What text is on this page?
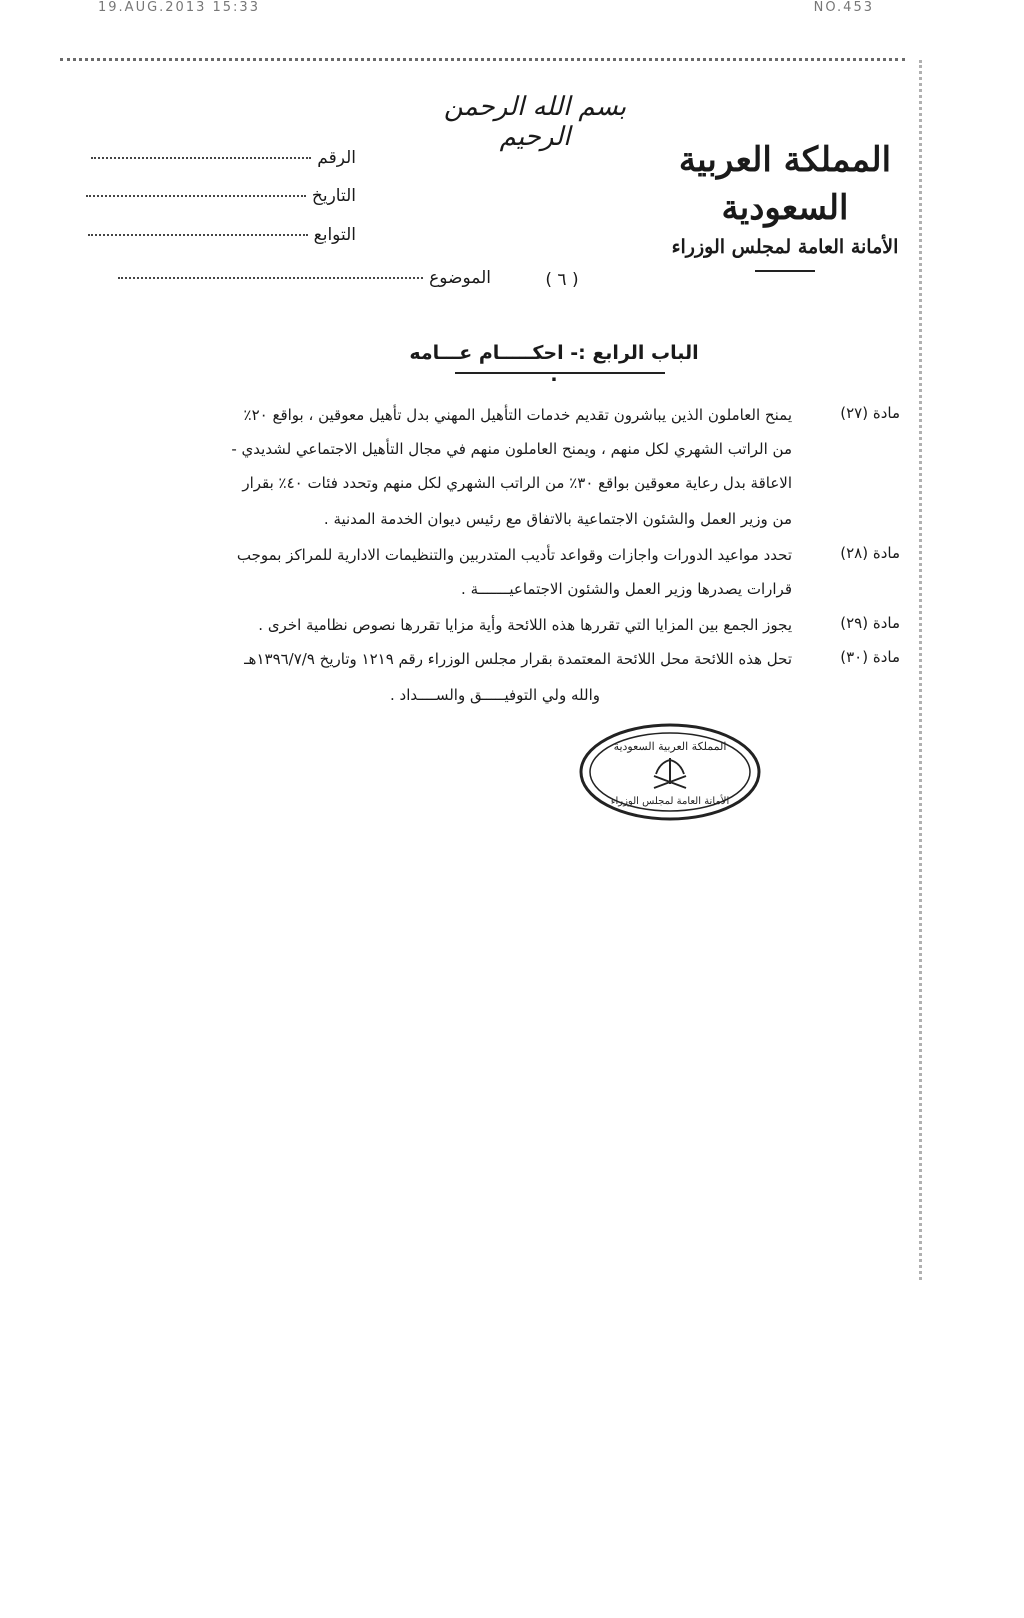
19.AUG.2013 15:33	NO.453
بسم الله الرحمن الرحيم
المملكة العربية السعودية
الأمانة العامة لمجلس الوزراء
الرقم
التاريخ
التوابع
الموضوع	( ٦ )
الباب الرابع :- احكـــــام عـــامه .
مادة (٢٧)
يمنح العاملون الذين يباشرون تقديم خدمات التأهيل المهني بدل تأهيل معوقين ، بواقع ٢٠٪
من الراتب الشهري لكل منهم ، ويمنح العاملون منهم في مجال التأهيل الاجتماعي لشديدي -
الاعاقة بدل رعاية معوقين بواقع ٣٠٪ من الراتب الشهري لكل منهم وتحدد فئات ٤٠٪ بقرار
من وزير العمل والشئون الاجتماعية بالاتفاق مع رئيس ديوان الخدمة المدنية .
مادة (٢٨)
تحدد مواعيد الدورات واجازات وقواعد تأديب المتدربين والتنظيمات الادارية للمراكز بموجب
قرارات يصدرها وزير العمل والشئون الاجتماعيـــــــة .
مادة (٢٩)
يجوز الجمع بين المزايا التي تقررها هذه اللائحة وأية مزايا تقررها نصوص نظامية اخرى .
مادة (٣٠)
تحل هذه اللائحة محل اللائحة المعتمدة بقرار مجلس الوزراء رقم ١٢١٩ وتاريخ ١٣٩٦/٧/٩هـ
والله ولي التوفيـــــق والســــداد .
المملكة العربية السعودية
الأمانة العامة لمجلس الوزراء
